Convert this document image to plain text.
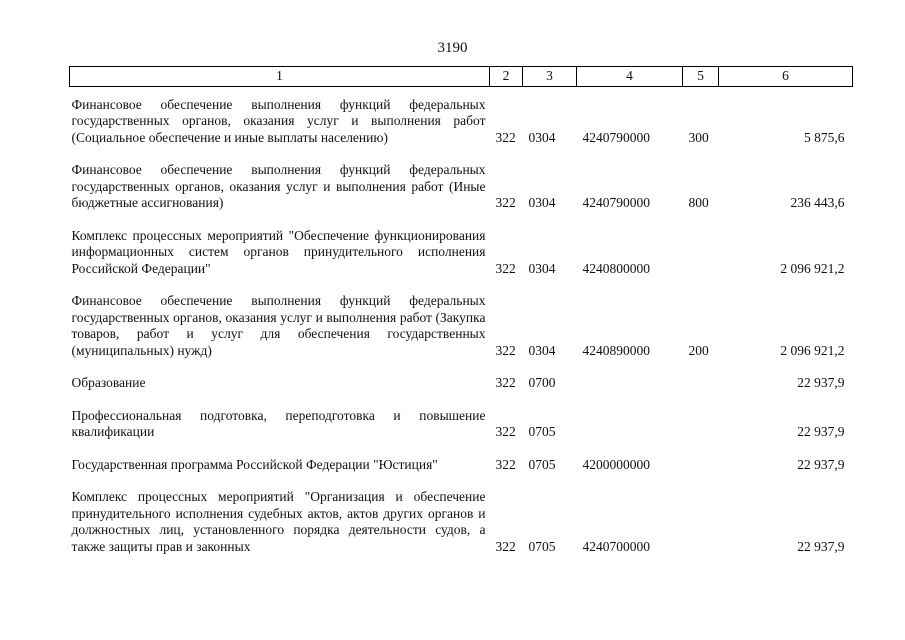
3190
1	2	3	4	5	6
Финансовое обеспечение выполнения функций федеральных государственных органов, оказания услуг и выполнения работ (Социальное обеспечение и иные выплаты населению)	322	0304	4240790000	300	5 875,6
Финансовое обеспечение выполнения функций федеральных государственных органов, оказания услуг и выполнения работ (Иные бюджетные ассигнования)	322	0304	4240790000	800	236 443,6
Комплекс процессных мероприятий "Обеспечение функционирования информационных систем органов принудительного исполнения Российской Федерации"	322	0304	4240800000		2 096 921,2
Финансовое обеспечение выполнения функций федеральных государственных органов, оказания услуг и выполнения работ (Закупка товаров, работ и услуг для обеспечения государственных (муниципальных) нужд)	322	0304	4240890000	200	2 096 921,2
Образование	322	0700			22 937,9
Профессиональная подготовка, переподготовка и повышение квалификации	322	0705			22 937,9
Государственная программа Российской Федерации "Юстиция"	322	0705	4200000000		22 937,9
Комплекс процессных мероприятий "Организация и обеспечение принудительного исполнения судебных актов, актов других органов и должностных лиц, установленного порядка деятельности судов, а также защиты прав и законных	322	0705	4240700000		22 937,9
